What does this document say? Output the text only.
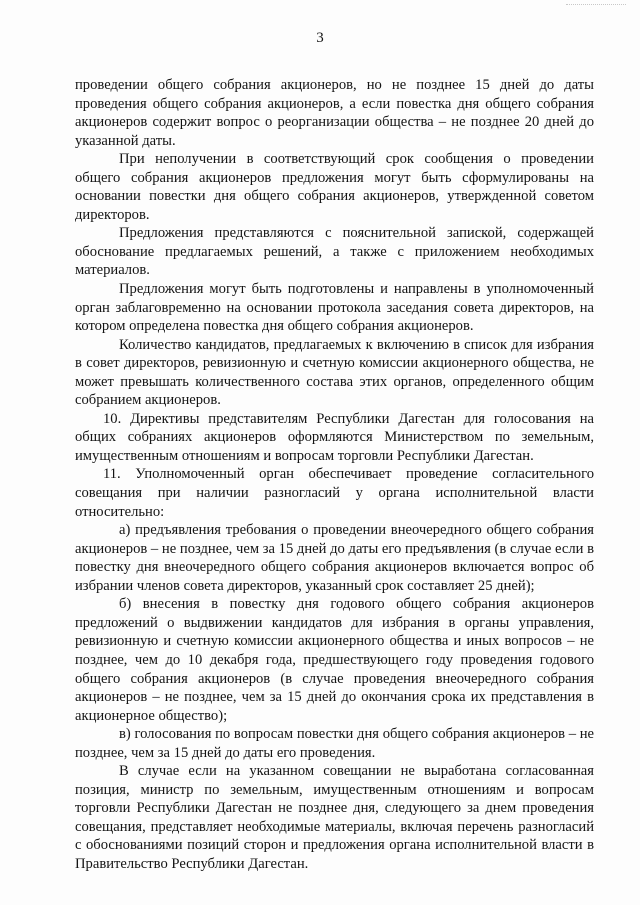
3

проведении общего собрания акционеров, но не позднее 15 дней до даты проведения общего собрания акционеров, а если повестка дня общего собрания акционеров содержит вопрос о реорганизации общества – не позднее 20 дней до указанной даты.

При неполучении в соответствующий срок сообщения о проведении общего собрания акционеров предложения могут быть сформулированы на основании повестки дня общего собрания акционеров, утвержденной советом директоров.

Предложения представляются с пояснительной запиской, содержащей обоснование предлагаемых решений, а также с приложением необходимых материалов.

Предложения могут быть подготовлены и направлены в уполномоченный орган заблаговременно на основании протокола заседания совета директоров, на котором определена повестка дня общего собрания акционеров.

Количество кандидатов, предлагаемых к включению в список для избрания в совет директоров, ревизионную и счетную комиссии акционерного общества, не может превышать количественного состава этих органов, определенного общим собранием акционеров.

10. Директивы представителям Республики Дагестан для голосования на общих собраниях акционеров оформляются Министерством по земельным, имущественным отношениям и вопросам торговли Республики Дагестан.

11. Уполномоченный орган обеспечивает проведение согласительного совещания при наличии разногласий у органа исполнительной власти относительно:

а) предъявления требования о проведении внеочередного общего собрания акционеров – не позднее, чем за 15 дней до даты его предъявления (в случае если в повестку дня внеочередного общего собрания акционеров включается вопрос об избрании членов совета директоров, указанный срок составляет 25 дней);

б) внесения в повестку дня годового общего собрания акционеров предложений о выдвижении кандидатов для избрания в органы управления, ревизионную и счетную комиссии акционерного общества и иных вопросов – не позднее, чем до 10 декабря года, предшествующего году проведения годового общего собрания акционеров (в случае проведения внеочередного собрания акционеров – не позднее, чем за 15 дней до окончания срока их представления в акционерное общество);

в) голосования по вопросам повестки дня общего собрания акционеров – не позднее, чем за 15 дней до даты его проведения.

В случае если на указанном совещании не выработана согласованная позиция, министр по земельным, имущественным отношениям и вопросам торговли Республики Дагестан не позднее дня, следующего за днем проведения совещания, представляет необходимые материалы, включая перечень разногласий с обоснованиями позиций сторон и предложения органа исполнительной власти в Правительство Республики Дагестан.
